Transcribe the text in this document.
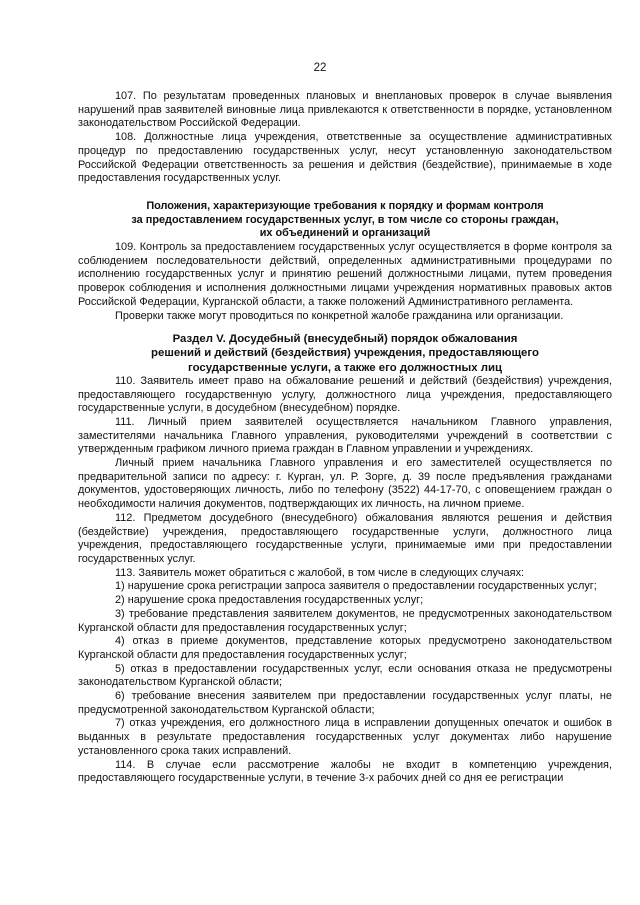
22

107. По результатам проведенных плановых и внеплановых проверок в случае выявления нарушений прав заявителей виновные лица привлекаются к ответственности в порядке, установленном законодательством Российской Федерации.

108. Должностные лица учреждения, ответственные за осуществление административных процедур по предоставлению государственных услуг, несут установленную законодательством Российской Федерации ответственность за решения и действия (бездействие), принимаемые в ходе предоставления государственных услуг.

Положения, характеризующие требования к порядку и формам контроля
за предоставлением государственных услуг, в том числе со стороны граждан,
их объединений и организаций

109. Контроль за предоставлением государственных услуг осуществляется в форме контроля за соблюдением последовательности действий, определенных административными процедурами по исполнению государственных услуг и принятию решений должностными лицами, путем проведения проверок соблюдения и исполнения должностными лицами учреждения нормативных правовых актов Российской Федерации, Курганской области, а также положений Административного регламента.

Проверки также могут проводиться по конкретной жалобе гражданина или организации.

Раздел V. Досудебный (внесудебный) порядок обжалования
решений и действий (бездействия) учреждения, предоставляющего
государственные услуги, а также его должностных лиц

110. Заявитель имеет право на обжалование решений и действий (бездействия) учреждения, предоставляющего государственную услугу, должностного лица учреждения, предоставляющего государственные услуги, в досудебном (внесудебном) порядке.

111. Личный прием заявителей осуществляется начальником Главного управления, заместителями начальника Главного управления, руководителями учреждений в соответствии с утвержденным графиком личного приема граждан в Главном управлении и учреждениях.

Личный прием начальника Главного управления и его заместителей осуществляется по предварительной записи по адресу: г. Курган, ул. Р. Зорге, д. 39 после предъявления гражданами документов, удостоверяющих личность, либо по телефону (3522) 44-17-70, с оповещением граждан о необходимости наличия документов, подтверждающих их личность, на личном приеме.

112. Предметом досудебного (внесудебного) обжалования являются решения и действия (бездействие) учреждения, предоставляющего государственные услуги, должностного лица учреждения, предоставляющего государственные услуги, принимаемые ими при предоставлении государственных услуг.

113. Заявитель может обратиться с жалобой, в том числе в следующих случаях:

1) нарушение срока регистрации запроса заявителя о предоставлении государственных услуг;

2) нарушение срока предоставления государственных услуг;

3) требование представления заявителем документов, не предусмотренных законодательством Курганской области для предоставления государственных услуг;

4) отказ в приеме документов, представление которых предусмотрено законодательством Курганской области для предоставления государственных услуг;

5) отказ в предоставлении государственных услуг, если основания отказа не предусмотрены законодательством Курганской области;

6) требование внесения заявителем при предоставлении государственных услуг платы, не предусмотренной законодательством Курганской области;

7) отказ учреждения, его должностного лица в исправлении допущенных опечаток и ошибок в выданных в результате предоставления государственных услуг документах либо нарушение установленного срока таких исправлений.

114. В случае если рассмотрение жалобы не входит в компетенцию учреждения, предоставляющего государственные услуги, в течение 3-х рабочих дней со дня ее регистрации
